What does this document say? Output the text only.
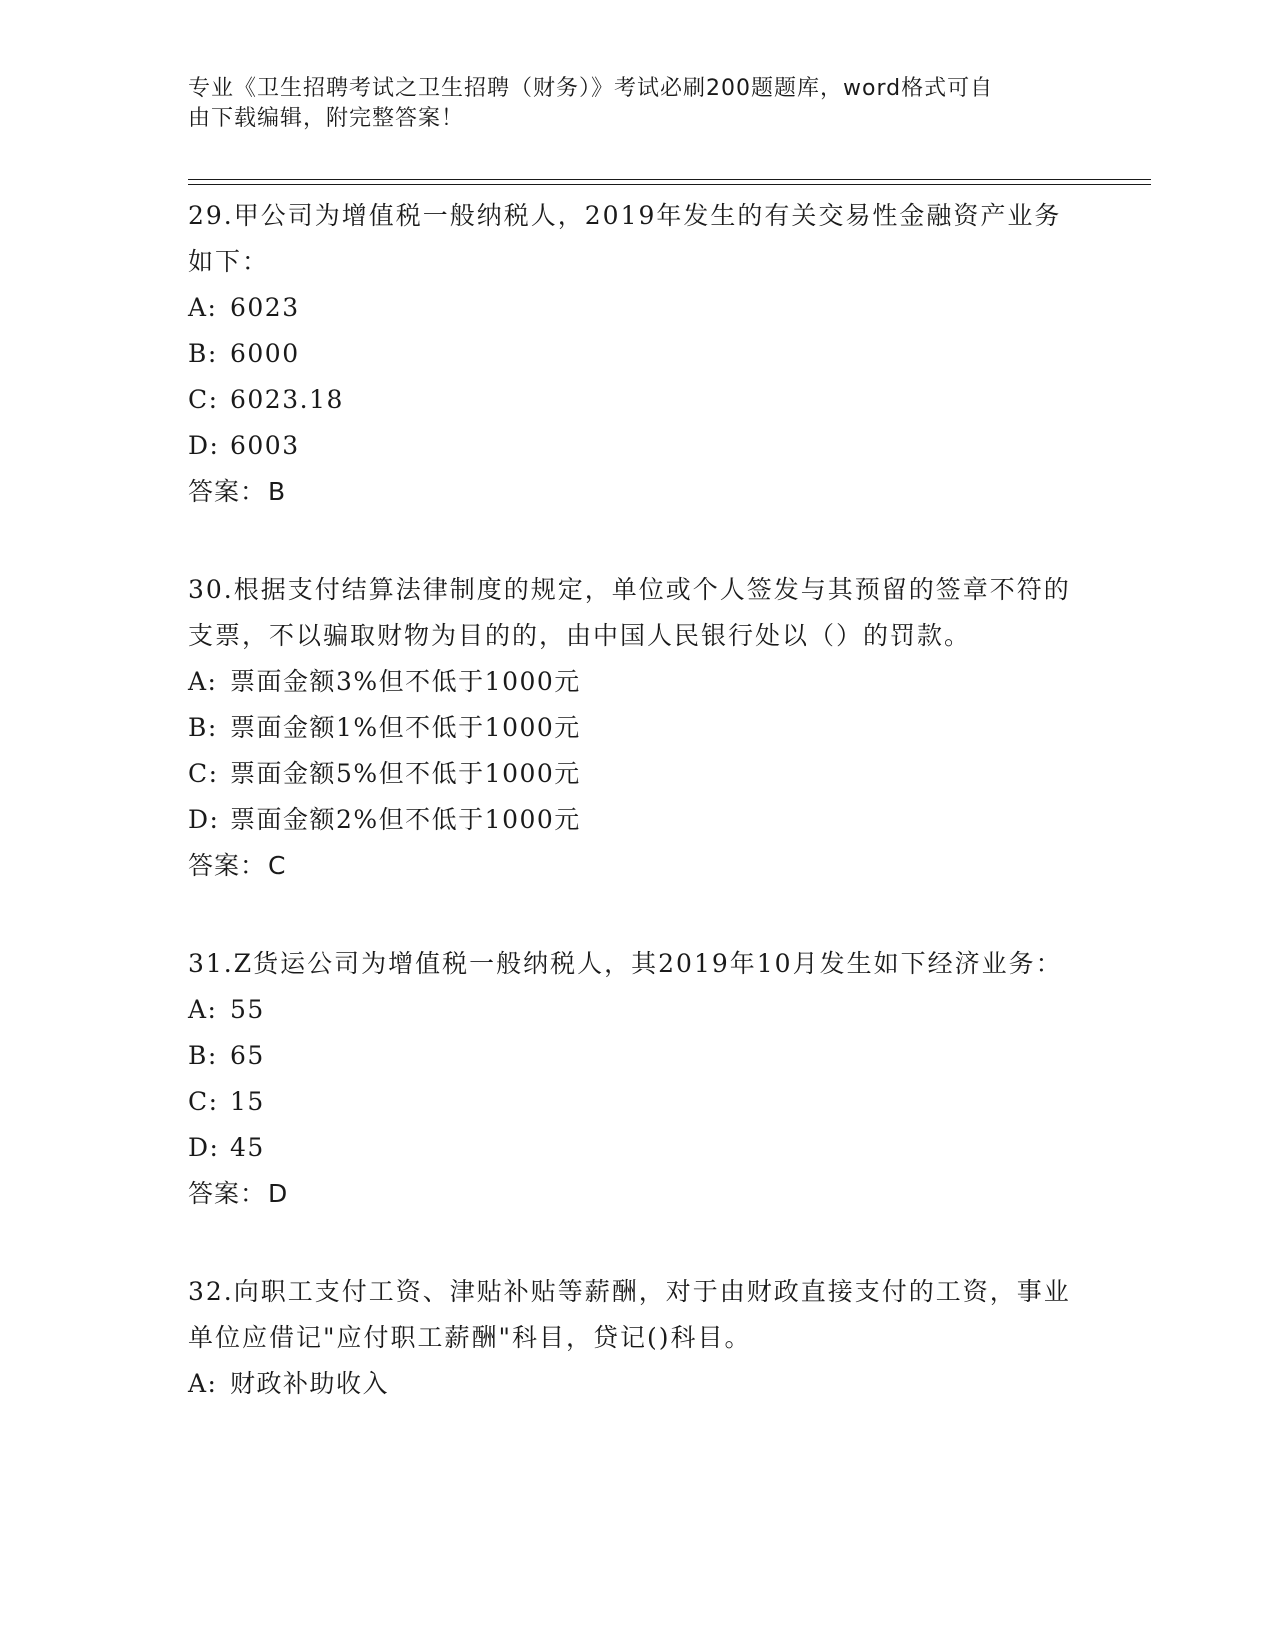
专业《卫生招聘考试之卫生招聘（财务）》考试必刷200题题库，word格式可自
由下载编辑，附完整答案！

29.甲公司为增值税一般纳税人，2019年发生的有关交易性金融资产业务如下：

A: 6023
B: 6000
C: 6023.18
D: 6003
答案： B

30.根据支付结算法律制度的规定，单位或个人签发与其预留的签章不符的支票，不以骗取财物为目的的，由中国人民银行处以（）的罚款。

A: 票面金额3%但不低于1000元
B: 票面金额1%但不低于1000元
C: 票面金额5%但不低于1000元
D: 票面金额2%但不低于1000元
答案： C

31.Z货运公司为增值税一般纳税人，其2019年10月发生如下经济业务：

A: 55
B: 65
C: 15
D: 45
答案： D

32.向职工支付工资、津贴补贴等薪酬，对于由财政直接支付的工资，事业单位应借记"应付职工薪酬"科目，贷记()科目。

A: 财政补助收入
